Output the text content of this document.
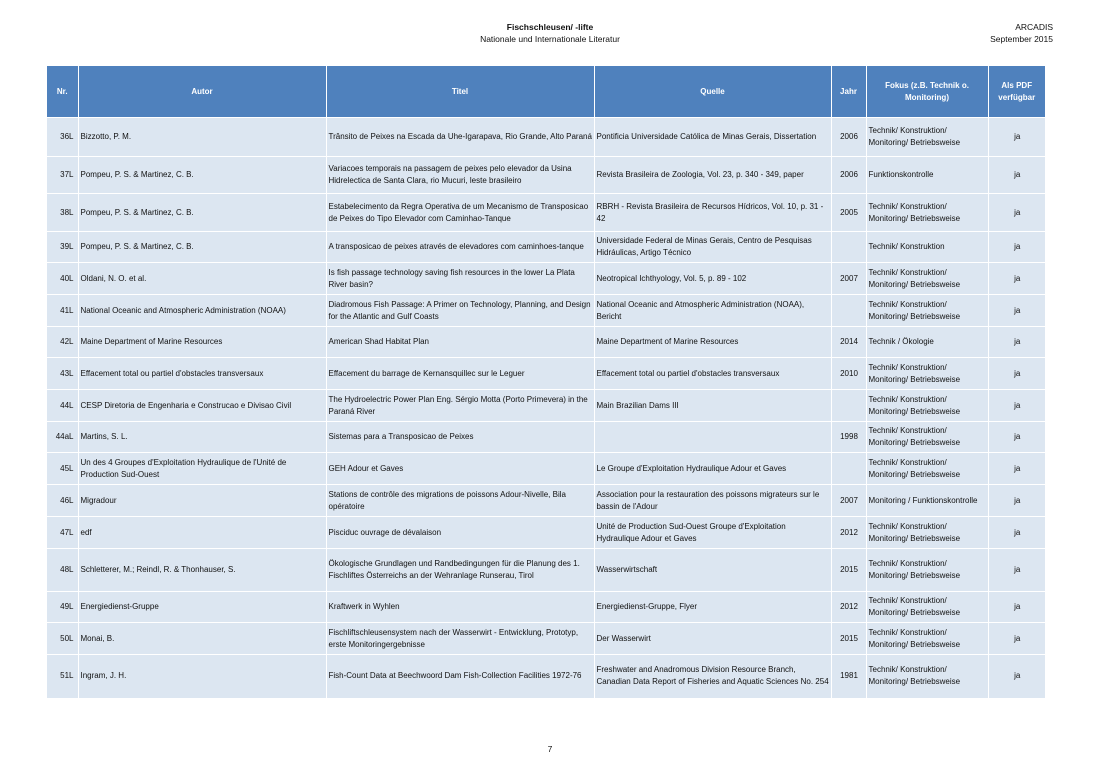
Fischschleusen/ -lifte
Nationale und Internationale Literatur
ARCADIS
September 2015
Nr.	Autor	Titel	Quelle	Jahr	Fokus (z.B. Technik o. Monitoring)	Als PDF verfügbar
36L	Bizzotto, P. M.	Trânsito de Peixes na Escada da Uhe-Igarapava, Rio Grande, Alto Paraná	Pontificia Universidade Católica de Minas Gerais, Dissertation	2006	Technik/ Konstruktion/ Monitoring/ Betriebsweise	ja
37L	Pompeu, P. S. & Martinez, C. B.	Variacoes temporais na passagem de peixes pelo elevador da Usina Hidrelectica de Santa Clara, rio Mucuri, leste brasileiro	Revista Brasileira de Zoologia, Vol. 23, p. 340 - 349, paper	2006	Funktionskontrolle	ja
38L	Pompeu, P. S. & Martinez, C. B.	Estabelecimento da Regra Operativa de um Mecanismo de Transposicao de Peixes do Tipo Elevador com Caminhao-Tanque	RBRH - Revista Brasileira de Recursos Hídricos, Vol. 10, p. 31 - 42	2005	Technik/ Konstruktion/ Monitoring/ Betriebsweise	ja
39L	Pompeu, P. S. & Martinez, C. B.	A transposicao de peixes através de elevadores com caminhoes-tanque	Universidade Federal de Minas Gerais, Centro de Pesquisas Hidráulicas, Artigo Técnico		Technik/ Konstruktion	ja
40L	Oldani, N. O. et al.	Is fish passage technology saving fish resources in the lower La Plata River basin?	Neotropical Ichthyology, Vol. 5, p. 89 - 102	2007	Technik/ Konstruktion/ Monitoring/ Betriebsweise	ja
41L	National Oceanic and Atmospheric Administration (NOAA)	Diadromous Fish Passage: A Primer on Technology, Planning, and Design for the Atlantic and Gulf Coasts	National Oceanic and Atmospheric Administration (NOAA), Bericht		Technik/ Konstruktion/ Monitoring/ Betriebsweise	ja
42L	Maine Department of Marine Resources	American Shad Habitat Plan	Maine Department of Marine Resources	2014	Technik / Ökologie	ja
43L	Effacement total ou partiel d'obstacles transversaux	Effacement du barrage de Kernansquillec sur le Leguer	Effacement total ou partiel d'obstacles transversaux	2010	Technik/ Konstruktion/ Monitoring/ Betriebsweise	ja
44L	CESP Diretoria de Engenharia e Construcao e Divisao Civil	The Hydroelectric Power Plan Eng. Sérgio Motta (Porto Primevera) in the Paraná River	Main Brazilian Dams III		Technik/ Konstruktion/ Monitoring/ Betriebsweise	ja
44aL	Martins, S. L.	Sistemas para a Transposicao de Peixes		1998	Technik/ Konstruktion/ Monitoring/ Betriebsweise	ja
45L	Un des 4 Groupes d'Exploitation Hydraulique de l'Unité de Production Sud-Ouest	GEH Adour et Gaves	Le Groupe d'Exploitation Hydraulique Adour et Gaves		Technik/ Konstruktion/ Monitoring/ Betriebsweise	ja
46L	Migradour	Stations de contrôle des migrations de poissons Adour-Nivelle, Bila opératoire	Association pour la restauration des poissons migrateurs sur le bassin de l'Adour	2007	Monitoring / Funktionskontrolle	ja
47L	edf	Pisciduc ouvrage de dévalaison	Unité de Production Sud-Ouest Groupe d'Exploitation Hydraulique Adour et Gaves	2012	Technik/ Konstruktion/ Monitoring/ Betriebsweise	ja
48L	Schletterer, M.; Reindl, R. & Thonhauser, S.	Ökologische Grundlagen und Randbedingungen für die Planung des 1. Fischliftes Österreichs an der Wehranlage Runserau, Tirol	Wasserwirtschaft	2015	Technik/ Konstruktion/ Monitoring/ Betriebsweise	ja
49L	Energiedienst-Gruppe	Kraftwerk in Wyhlen	Energiedienst-Gruppe, Flyer	2012	Technik/ Konstruktion/ Monitoring/ Betriebsweise	ja
50L	Monai, B.	Fischliftschleusensystem nach der Wasserwirt - Entwicklung, Prototyp, erste Monitoringergebnisse	Der Wasserwirt	2015	Technik/ Konstruktion/ Monitoring/ Betriebsweise	ja
51L	Ingram, J. H.	Fish-Count Data at Beechwoord Dam Fish-Collection Facilities 1972-76	Freshwater and Anadromous Division Resource Branch, Canadian Data Report of Fisheries and Aquatic Sciences No. 254	1981	Technik/ Konstruktion/ Monitoring/ Betriebsweise	ja
7
